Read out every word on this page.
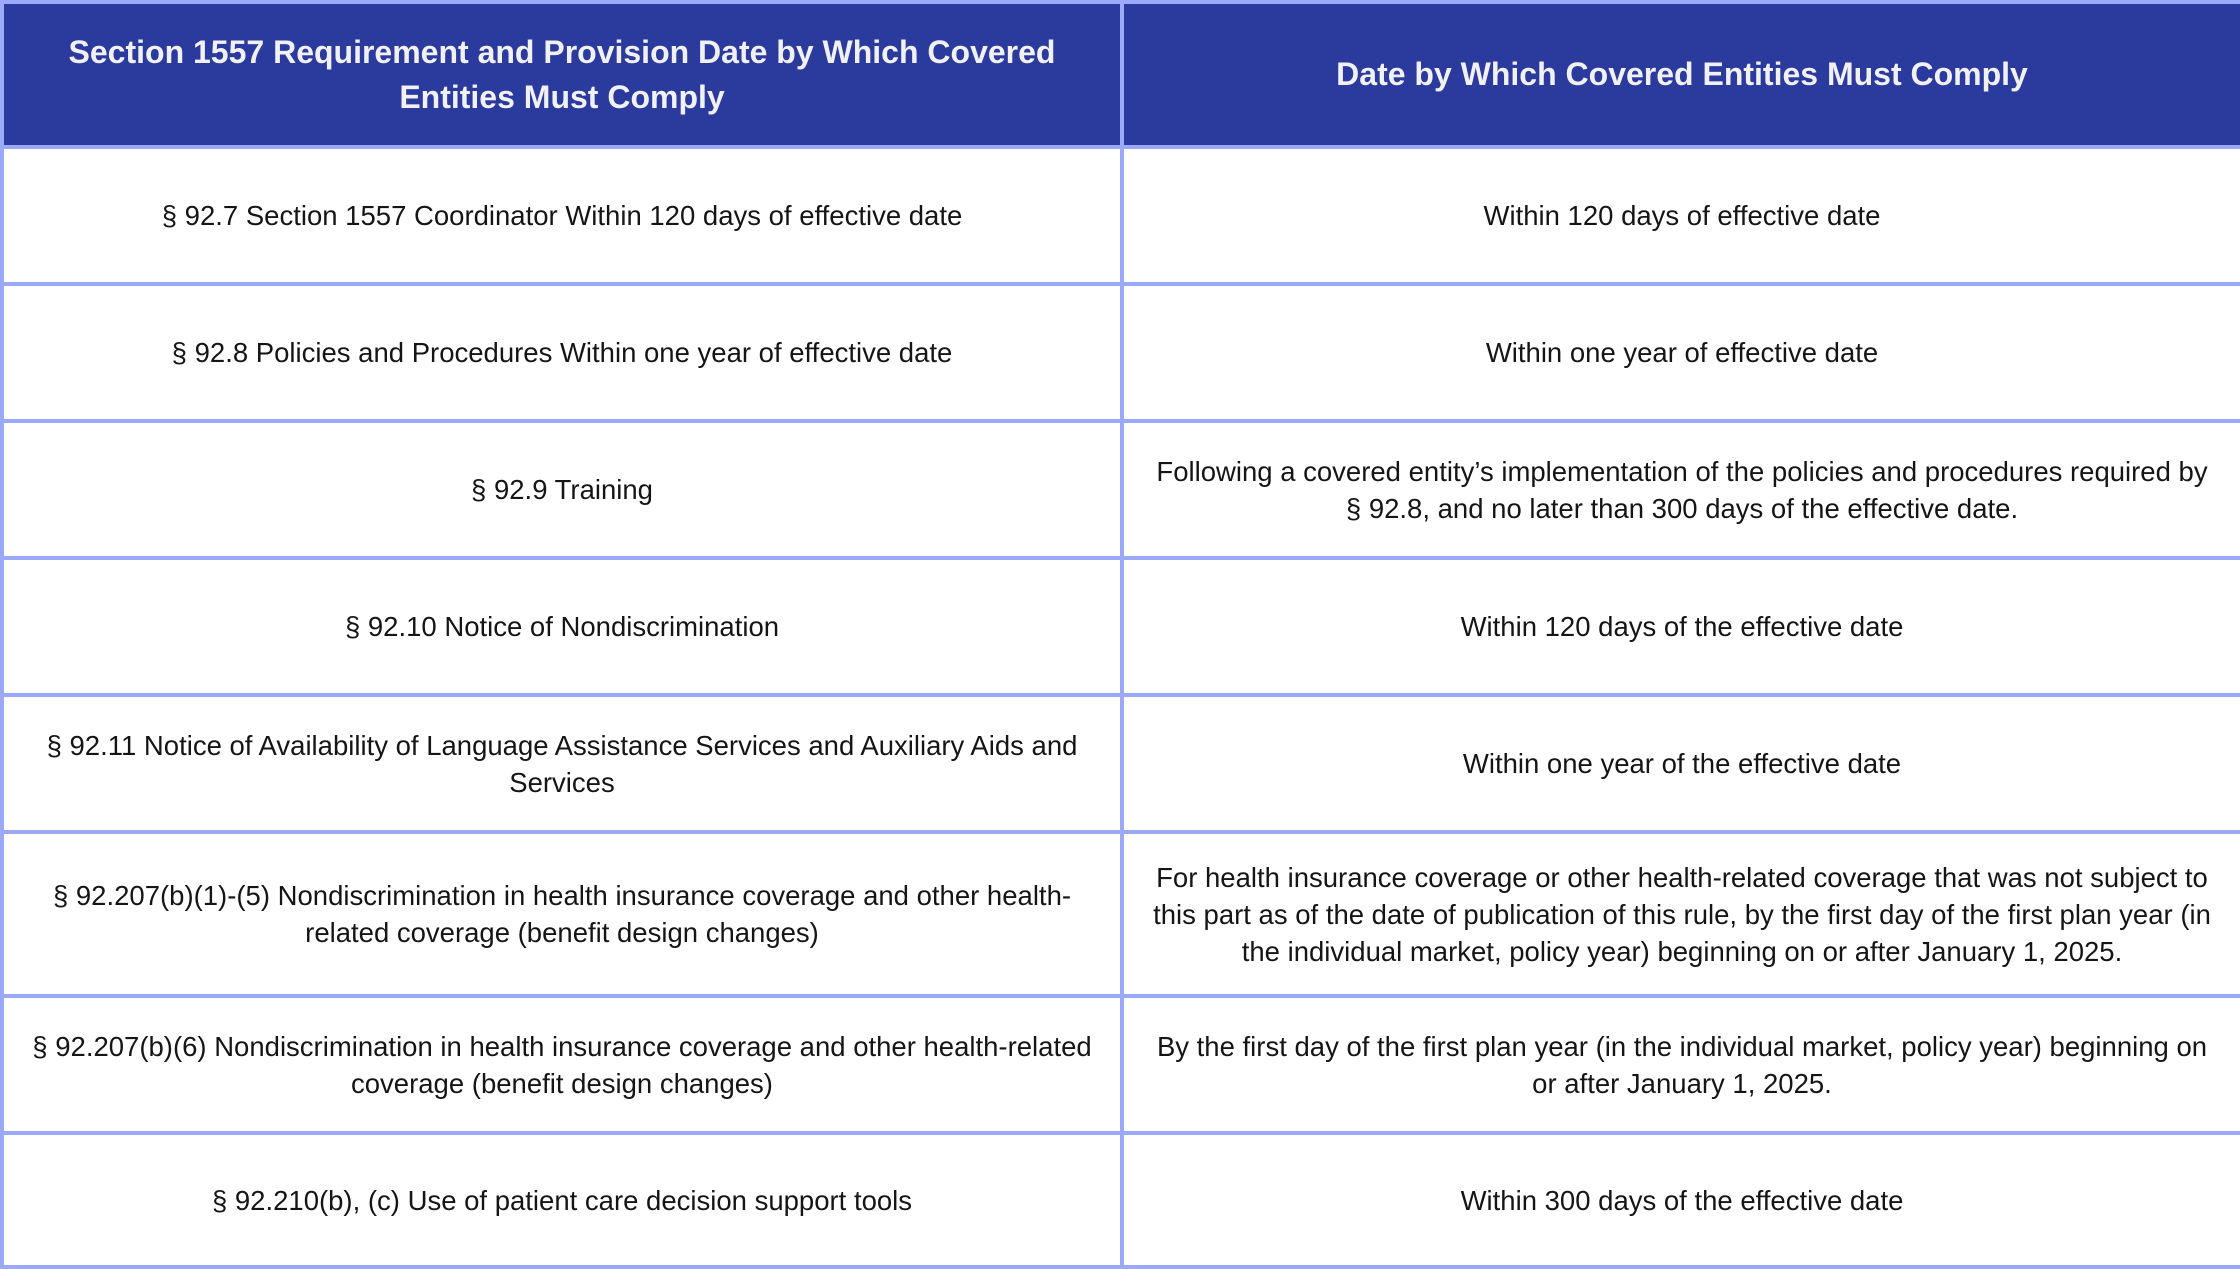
Section 1557 Requirement and Provision Date by Which Covered Entities Must Comply	Date by Which Covered Entities Must Comply
§ 92.7 Section 1557 Coordinator Within 120 days of effective date	Within 120 days of effective date
§ 92.8 Policies and Procedures Within one year of effective date	Within one year of effective date
§ 92.9 Training	Following a covered entity’s implementation of the policies and procedures required by § 92.8, and no later than 300 days of the effective date.
§ 92.10 Notice of Nondiscrimination	Within 120 days of the effective date
§ 92.11 Notice of Availability of Language Assistance Services and Auxiliary Aids and Services	Within one year of the effective date
§ 92.207(b)(1)-(5) Nondiscrimination in health insurance coverage and other health-related coverage (benefit design changes)	For health insurance coverage or other health-related coverage that was not subject to this part as of the date of publication of this rule, by the first day of the first plan year (in the individual market, policy year) beginning on or after January 1, 2025.
§ 92.207(b)(6) Nondiscrimination in health insurance coverage and other health-related coverage (benefit design changes)	By the first day of the first plan year (in the individual market, policy year) beginning on or after January 1, 2025.
§ 92.210(b), (c) Use of patient care decision support tools	Within 300 days of the effective date
